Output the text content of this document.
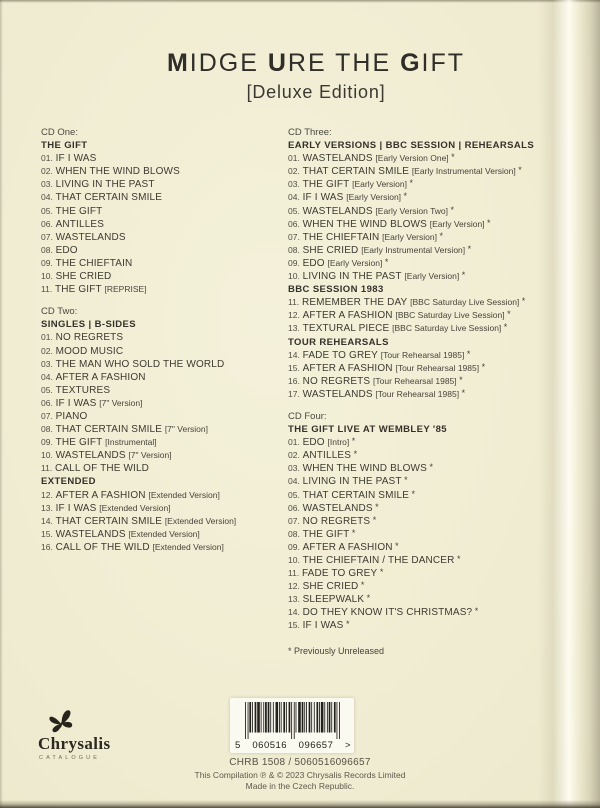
MIDGE URE THE GIFT
[Deluxe Edition]
CD One:
THE GIFT
01. IF I WAS
02. WHEN THE WIND BLOWS
03. LIVING IN THE PAST
04. THAT CERTAIN SMILE
05. THE GIFT
06. ANTILLES
07. WASTELANDS
08. EDO
09. THE CHIEFTAIN
10. SHE CRIED
11. THE GIFT [REPRISE]
CD Two:
SINGLES | B-SIDES
01. NO REGRETS
02. MOOD MUSIC
03. THE MAN WHO SOLD THE WORLD
04. AFTER A FASHION
05. TEXTURES
06. IF I WAS [7" Version]
07. PIANO
08. THAT CERTAIN SMILE [7" Version]
09. THE GIFT [Instrumental]
10. WASTELANDS [7" Version]
11. CALL OF THE WILD
EXTENDED
12. AFTER A FASHION [Extended Version]
13. IF I WAS [Extended Version]
14. THAT CERTAIN SMILE [Extended Version]
15. WASTELANDS [Extended Version]
16. CALL OF THE WILD [Extended Version]
CD Three:
EARLY VERSIONS | BBC SESSION | REHEARSALS
01. WASTELANDS [Early Version One] *
02. THAT CERTAIN SMILE [Early Instrumental Version] *
03. THE GIFT [Early Version] *
04. IF I WAS [Early Version] *
05. WASTELANDS [Early Version Two] *
06. WHEN THE WIND BLOWS [Early Version] *
07. THE CHIEFTAIN [Early Version] *
08. SHE CRIED [Early Instrumental Version] *
09. EDO [Early Version] *
10. LIVING IN THE PAST [Early Version] *
BBC SESSION 1983
11. REMEMBER THE DAY [BBC Saturday Live Session] *
12. AFTER A FASHION [BBC Saturday Live Session] *
13. TEXTURAL PIECE [BBC Saturday Live Session] *
TOUR REHEARSALS
14. FADE TO GREY [Tour Rehearsal 1985] *
15. AFTER A FASHION [Tour Rehearsal 1985] *
16. NO REGRETS [Tour Rehearsal 1985] *
17. WASTELANDS [Tour Rehearsal 1985] *
CD Four:
THE GIFT LIVE AT WEMBLEY '85
01. EDO [Intro] *
02. ANTILLES *
03. WHEN THE WIND BLOWS *
04. LIVING IN THE PAST *
05. THAT CERTAIN SMILE *
06. WASTELANDS *
07. NO REGRETS *
08. THE GIFT *
09. AFTER A FASHION *
10. THE CHIEFTAIN / THE DANCER *
11. FADE TO GREY *
12. SHE CRIED *
13. SLEEPWALK *
14. DO THEY KNOW IT'S CHRISTMAS? *
15. IF I WAS *
* Previously Unreleased
Chrysalis
CATALOGUE
5 060516 096657 >
CHRB 1508 / 5060516096657
This Compilation ℗ & © 2023 Chrysalis Records Limited
Made in the Czech Republic.
